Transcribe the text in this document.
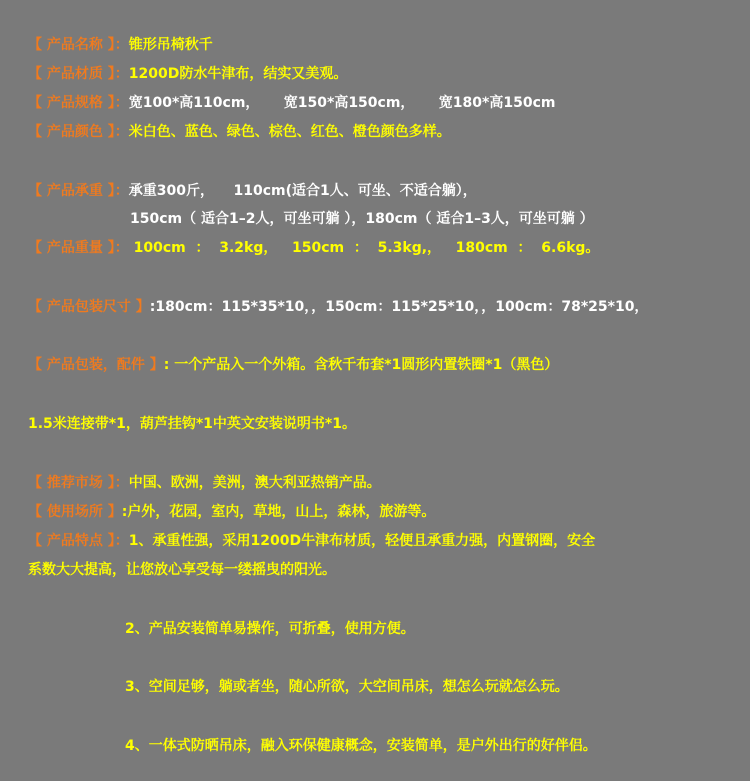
【 产品名称 】：锥形吊椅秋千
【 产品材质 】：1200D防水牛津布，结实又美观。
【 产品规格 】：宽100*高110cm，     宽150*高150cm，     宽180*高150cm
【 产品颜色 】：米白色、蓝色、绿色、棕色、红色、橙色颜色多样。
【 产品承重 】：承重300斤，    110cm(适合1人、可坐、不适合躺），
150cm（ 适合1–2人，可坐可躺 ），180cm（ 适合1–3人，可坐可躺 ）
【 产品重量 】： 100cm  ：  3.2kg，   150cm  ：  5.3kg,，   180cm  ：  6.6kg。
【 产品包装尺寸 】:180cm：115*35*10，，150cm：115*25*10，，100cm：78*25*10，
【 产品包装，配件 】: 一个产品入一个外箱。含秋千布套*1圆形内置铁圈*1（黑色）
1.5米连接带*1，葫芦挂钩*1中英文安装说明书*1。
【 推荐市场 】：中国、欧洲，美洲，澳大利亚热销产品。
【 使用场所 】:户外，花园，室内，草地，山上，森林，旅游等。
【 产品特点 】：1、承重性强，采用1200D牛津布材质，轻便且承重力强，内置钢圈，安全
系数大大提高，让您放心享受每一缕摇曳的阳光。
2、产品安装简单易操作，可折叠，使用方便。
3、空间足够，躺或者坐，随心所欲，大空间吊床，想怎么玩就怎么玩。
4、一体式防晒吊床，融入环保健康概念，安装简单，是户外出行的好伴侣。
